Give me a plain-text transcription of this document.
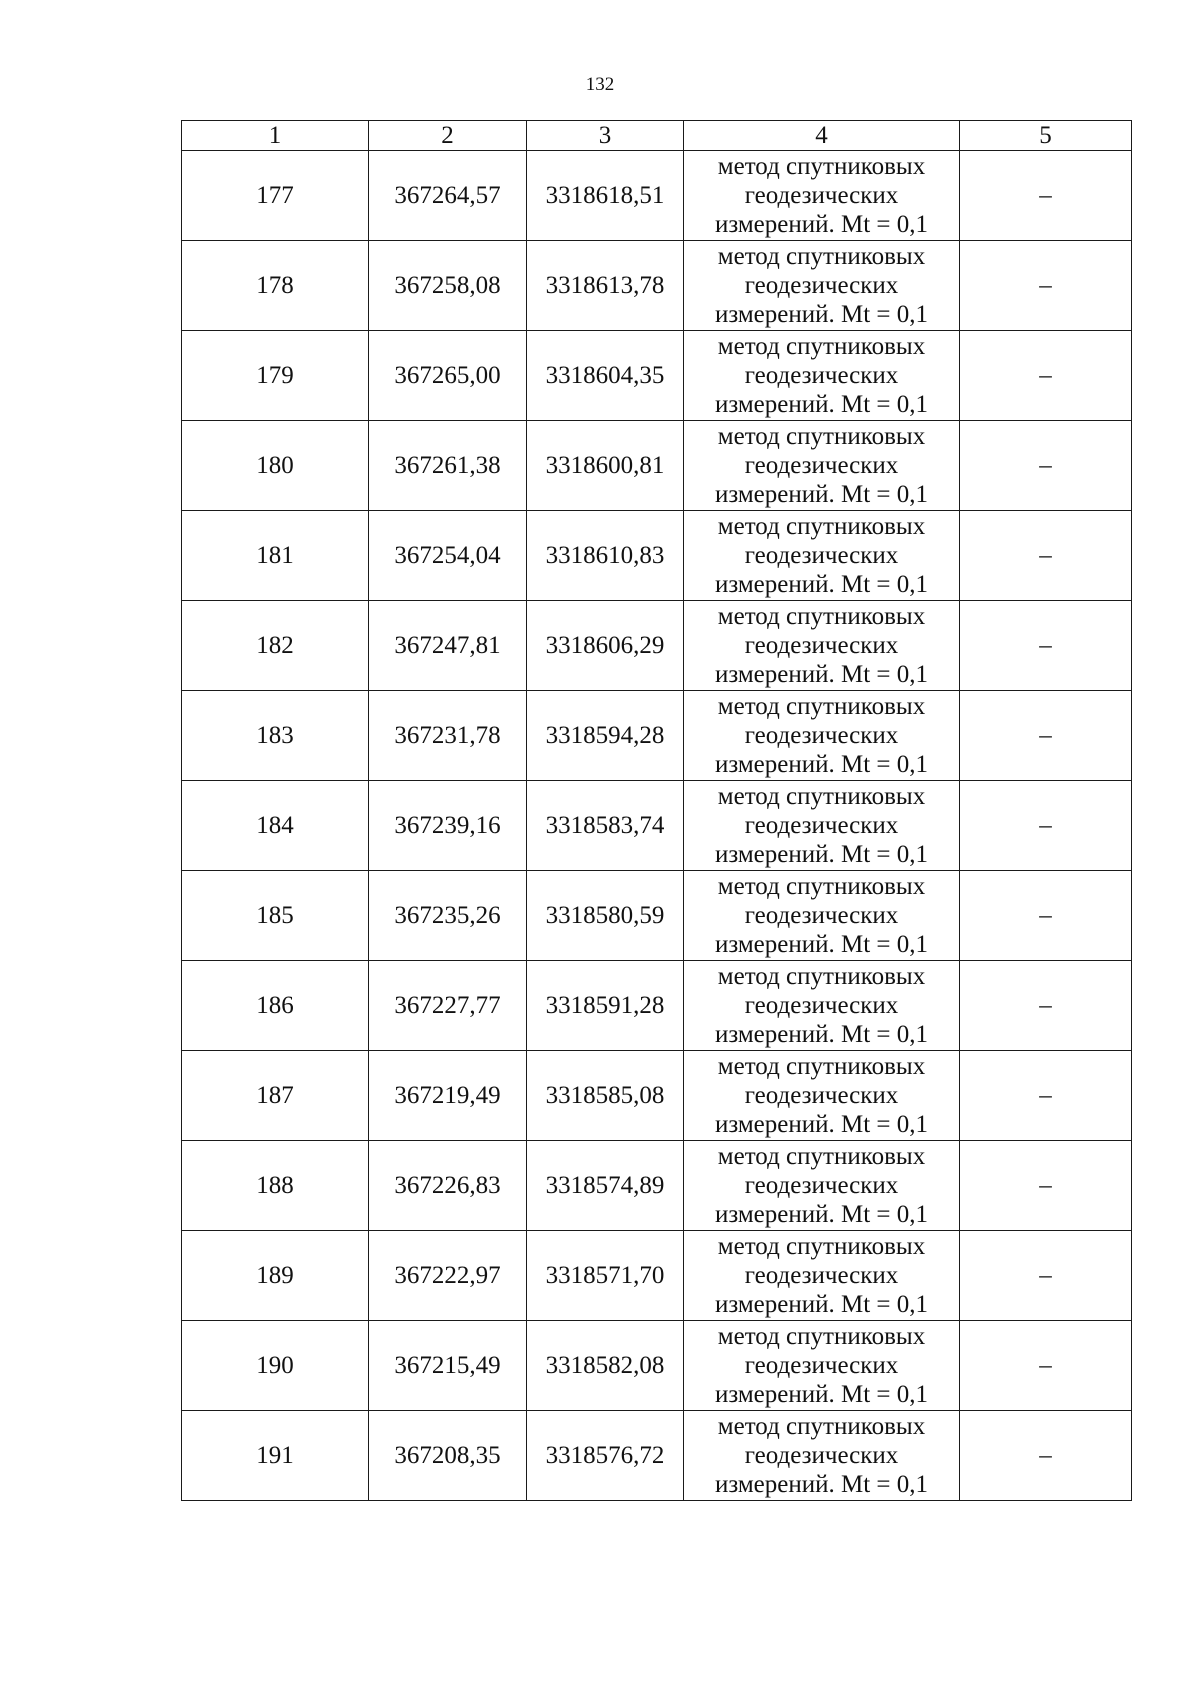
132
1	2	3	4	5
177	367264,57	3318618,51	метод спутниковых
геодезических
измерений. Mt = 0,1	–
178	367258,08	3318613,78	метод спутниковых
геодезических
измерений. Mt = 0,1	–
179	367265,00	3318604,35	метод спутниковых
геодезических
измерений. Mt = 0,1	–
180	367261,38	3318600,81	метод спутниковых
геодезических
измерений. Mt = 0,1	–
181	367254,04	3318610,83	метод спутниковых
геодезических
измерений. Mt = 0,1	–
182	367247,81	3318606,29	метод спутниковых
геодезических
измерений. Mt = 0,1	–
183	367231,78	3318594,28	метод спутниковых
геодезических
измерений. Mt = 0,1	–
184	367239,16	3318583,74	метод спутниковых
геодезических
измерений. Mt = 0,1	–
185	367235,26	3318580,59	метод спутниковых
геодезических
измерений. Mt = 0,1	–
186	367227,77	3318591,28	метод спутниковых
геодезических
измерений. Mt = 0,1	–
187	367219,49	3318585,08	метод спутниковых
геодезических
измерений. Mt = 0,1	–
188	367226,83	3318574,89	метод спутниковых
геодезических
измерений. Mt = 0,1	–
189	367222,97	3318571,70	метод спутниковых
геодезических
измерений. Mt = 0,1	–
190	367215,49	3318582,08	метод спутниковых
геодезических
измерений. Mt = 0,1	–
191	367208,35	3318576,72	метод спутниковых
геодезических
измерений. Mt = 0,1	–
